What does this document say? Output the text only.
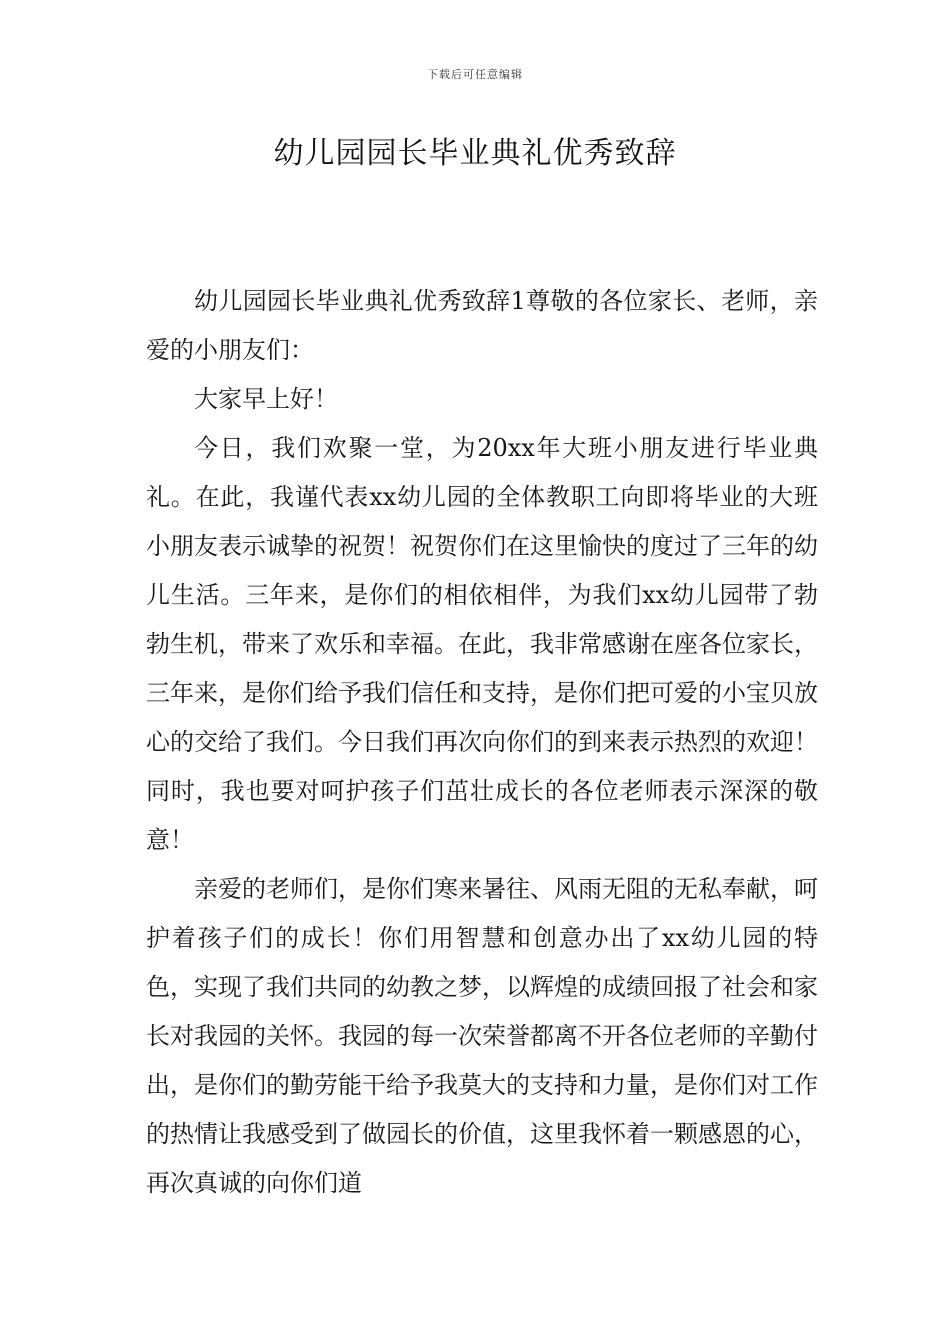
下载后可任意编辑
幼儿园园长毕业典礼优秀致辞

幼儿园园长毕业典礼优秀致辞1尊敬的各位家长、老师，亲爱的小朋友们：

大家早上好！

今日，我们欢聚一堂，为20xx年大班小朋友进行毕业典礼。在此，我谨代表xx幼儿园的全体教职工向即将毕业的大班小朋友表示诚挚的祝贺！祝贺你们在这里愉快的度过了三年的幼儿生活。三年来，是你们的相依相伴，为我们xx幼儿园带了勃勃生机，带来了欢乐和幸福。在此，我非常感谢在座各位家长，三年来，是你们给予我们信任和支持，是你们把可爱的小宝贝放心的交给了我们。今日我们再次向你们的到来表示热烈的欢迎！同时，我也要对呵护孩子们茁壮成长的各位老师表示深深的敬意！

亲爱的老师们，是你们寒来暑往、风雨无阻的无私奉献，呵护着孩子们的成长！你们用智慧和创意办出了xx幼儿园的特色，实现了我们共同的幼教之梦，以辉煌的成绩回报了社会和家长对我园的关怀。我园的每一次荣誉都离不开各位老师的辛勤付出，是你们的勤劳能干给予我莫大的支持和力量，是你们对工作的热情让我感受到了做园长的价值，这里我怀着一颗感恩的心，再次真诚的向你们道
